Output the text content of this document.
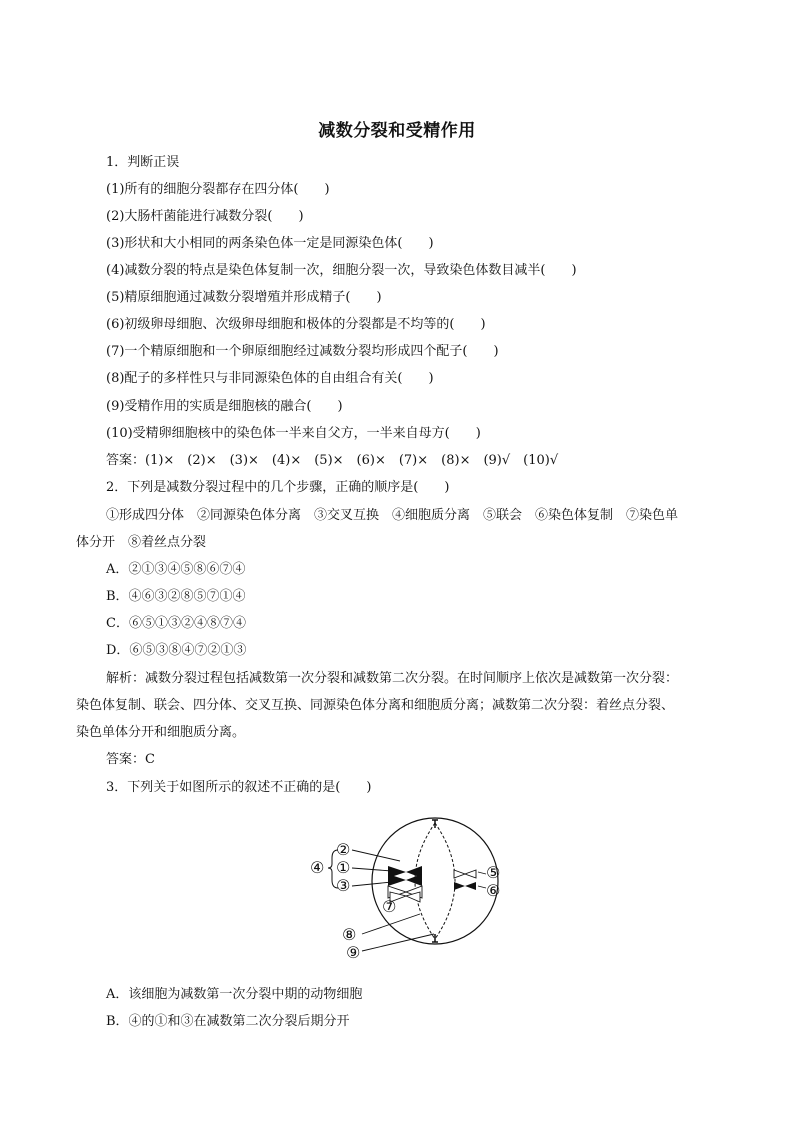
减数分裂和受精作用
1．判断正误
(1)所有的细胞分裂都存在四分体(　　)
(2)大肠杆菌能进行减数分裂(　　)
(3)形状和大小相同的两条染色体一定是同源染色体(　　)
(4)减数分裂的特点是染色体复制一次，细胞分裂一次，导致染色体数目减半(　　)
(5)精原细胞通过减数分裂增殖并形成精子(　　)
(6)初级卵母细胞、次级卵母细胞和极体的分裂都是不均等的(　　)
(7)一个精原细胞和一个卵原细胞经过减数分裂均形成四个配子(　　)
(8)配子的多样性只与非同源染色体的自由组合有关(　　)
(9)受精作用的实质是细胞核的融合(　　)
(10)受精卵细胞核中的染色体一半来自父方，一半来自母方(　　)
答案：(1)×　(2)×　(3)×　(4)×　(5)×　(6)×　(7)×　(8)×　(9)√　(10)√
2．下列是减数分裂过程中的几个步骤，正确的顺序是(　　)
①形成四分体　②同源染色体分离　③交叉互换　④细胞质分离　⑤联会　⑥染色体复制　⑦染色单
体分开　⑧着丝点分裂
A．②①③④⑤⑧⑥⑦④
B．④⑥③②⑧⑤⑦①④
C．⑥⑤①③②④⑧⑦④
D．⑥⑤③⑧④⑦②①③
解析：减数分裂过程包括减数第一次分裂和减数第二次分裂。在时间顺序上依次是减数第一次分裂：
染色体复制、联会、四分体、交叉互换、同源染色体分离和细胞质分离；减数第二次分裂：着丝点分裂、
染色单体分开和细胞质分离。
答案：C
3．下列关于如图所示的叙述不正确的是(　　)
②
①
③
④	⑤
⑥
⑦
⑧
⑨
A．该细胞为减数第一次分裂中期的动物细胞
B．④的①和③在减数第二次分裂后期分开
